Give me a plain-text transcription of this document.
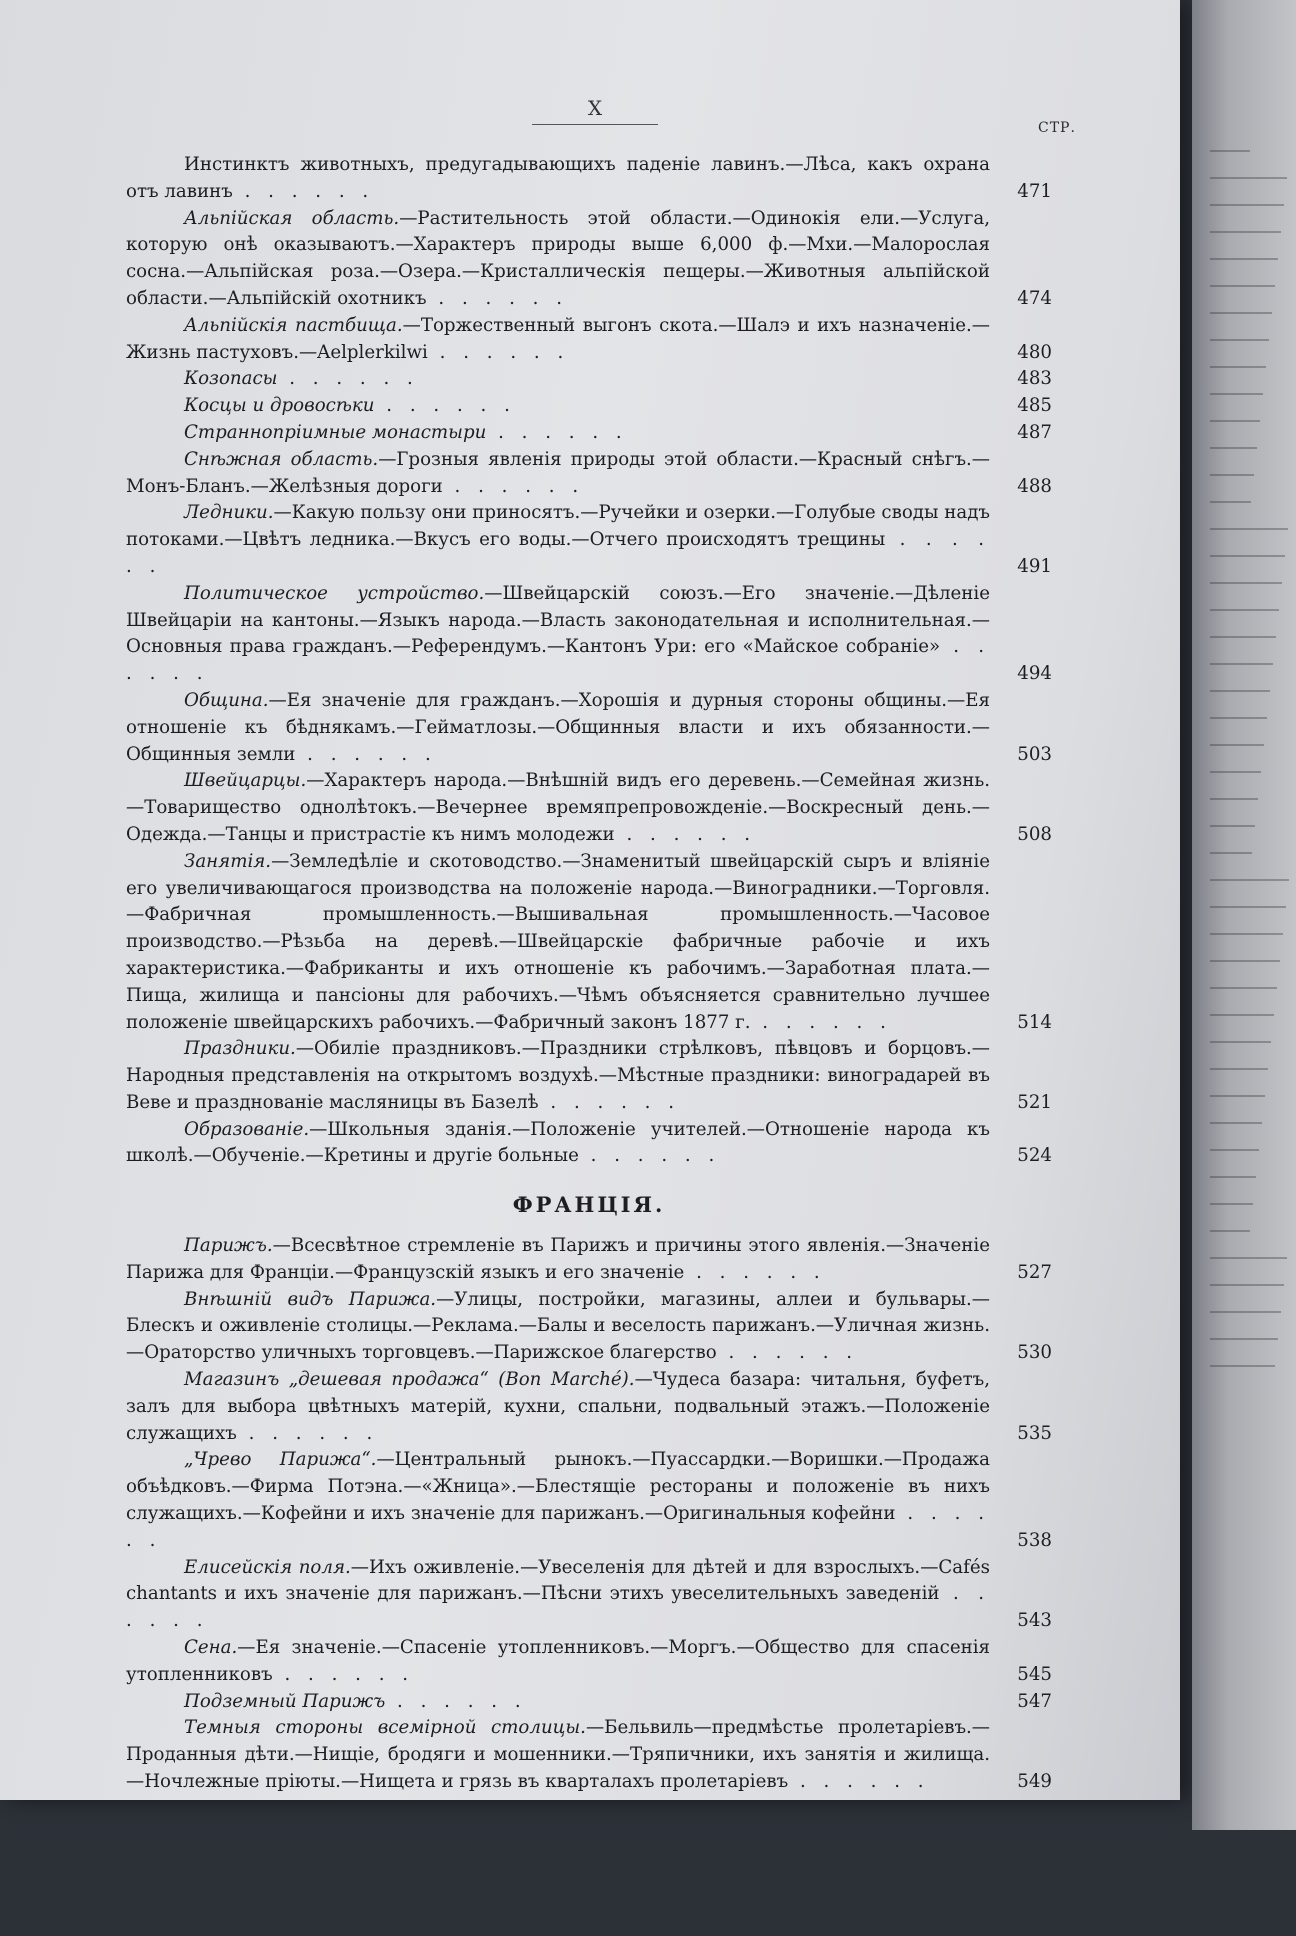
X
СТР.
Инстинктъ животныхъ, предугадывающихъ паденіе лавинъ.—Лѣса, какъ охрана отъ лавинъ . . . . . .	471
Альпійская область.—Растительность этой области.—Одинокія ели.—Услуга, которую онѣ оказываютъ.—Характеръ природы выше 6,000 ф.—Мхи.—Малорослая сосна.—Альпійская роза.—Озера.—Кристаллическія пещеры.—Животныя альпійской области.—Альпійскій охотникъ . . . . . .	474
Альпійскія пастбища.—Торжественный выгонъ скота.—Шалэ и ихъ назначеніе.—Жизнь пастуховъ.—Aelplerkilwi . . . . . .	480
Козопасы . . . . . .	483
Косцы и дровосѣки . . . . . .	485
Страннопріимные монастыри . . . . . .	487
Снѣжная область.—Грозныя явленія природы этой области.—Красный снѣгъ.—Монъ-Бланъ.—Желѣзныя дороги . . . . . .	488
Ледники.—Какую пользу они приносятъ.—Ручейки и озерки.—Голубые своды надъ потоками.—Цвѣтъ ледника.—Вкусъ его воды.—Отчего происходятъ трещины . . . . . .	491
Политическое устройство.—Швейцарскій союзъ.—Его значеніе.—Дѣленіе Швейцаріи на кантоны.—Языкъ народа.—Власть законодательная и исполнительная.—Основныя права гражданъ.—Референдумъ.—Кантонъ Ури: его «Майское собраніе» . . . . . .	494
Община.—Ея значеніе для гражданъ.—Хорошія и дурныя стороны общины.—Ея отношеніе къ бѣднякамъ.—Гейматлозы.—Общинныя власти и ихъ обязанности.—Общинныя земли . . . . . .	503
Швейцарцы.—Характеръ народа.—Внѣшній видъ его деревень.—Семейная жизнь.—Товарищество однолѣтокъ.—Вечернее времяпрепровожденіе.—Воскресный день.—Одежда.—Танцы и пристрастіе къ нимъ молодежи . . . . . .	508
Занятія.—Земледѣліе и скотоводство.—Знаменитый швейцарскій сыръ и вліяніе его увеличивающагося производства на положеніе народа.—Виноградники.—Торговля.—Фабричная промышленность.—Вышивальная промышленность.—Часовое производство.—Рѣзьба на деревѣ.—Швейцарскіе фабричные рабочіе и ихъ характеристика.—Фабриканты и ихъ отношеніе къ рабочимъ.—Заработная плата.—Пища, жилища и пансіоны для рабочихъ.—Чѣмъ объясняется сравнительно лучшее положеніе швейцарскихъ рабочихъ.—Фабричный законъ 1877 г. . . . . . .	514
Праздники.—Обиліе праздниковъ.—Праздники стрѣлковъ, пѣвцовъ и борцовъ.—Народныя представленія на открытомъ воздухѣ.—Мѣстные праздники: виноградарей въ Веве и празднованіе масляницы въ Базелѣ . . . . . .	521
Образованіе.—Школьныя зданія.—Положеніе учителей.—Отношеніе народа къ школѣ.—Обученіе.—Кретины и другіе больные . . . . . .	524
ФРАНЦІЯ.
Парижъ.—Всесвѣтное стремленіе въ Парижъ и причины этого явленія.—Значеніе Парижа для Франціи.—Французскій языкъ и его значеніе . . . . . .	527
Внѣшній видъ Парижа.—Улицы, постройки, магазины, аллеи и бульвары.—Блескъ и оживленіе столицы.—Реклама.—Балы и веселость парижанъ.—Уличная жизнь.—Ораторство уличныхъ торговцевъ.—Парижское благерство . . . . . .	530
Магазинъ „дешевая продажа“ (Bon Marché).—Чудеса базара: читальня, буфетъ, залъ для выбора цвѣтныхъ матерій, кухни, спальни, подвальный этажъ.—Положеніе служащихъ . . . . . .	535
„Чрево Парижа“.—Центральный рынокъ.—Пуассардки.—Воришки.—Продажа объѣдковъ.—Фирма Потэна.—«Жница».—Блестящіе рестораны и положеніе въ нихъ служащихъ.—Кофейни и ихъ значеніе для парижанъ.—Оригинальныя кофейни . . . . . .	538
Елисейскія поля.—Ихъ оживленіе.—Увеселенія для дѣтей и для взрослыхъ.—Cafés chantants и ихъ значеніе для парижанъ.—Пѣсни этихъ увеселительныхъ заведеній . . . . . .	543
Сена.—Ея значеніе.—Спасеніе утопленниковъ.—Моргъ.—Общество для спасенія утопленниковъ . . . . . .	545
Подземный Парижъ . . . . . .	547
Темныя стороны всемірной столицы.—Бельвиль—предмѣстье пролетаріевъ.—Проданныя дѣти.—Нищіе, бродяги и мошенники.—Тряпичники, ихъ занятія и жилища.—Ночлежные пріюты.—Нищета и грязь въ кварталахъ пролетаріевъ . . . . . .	549
